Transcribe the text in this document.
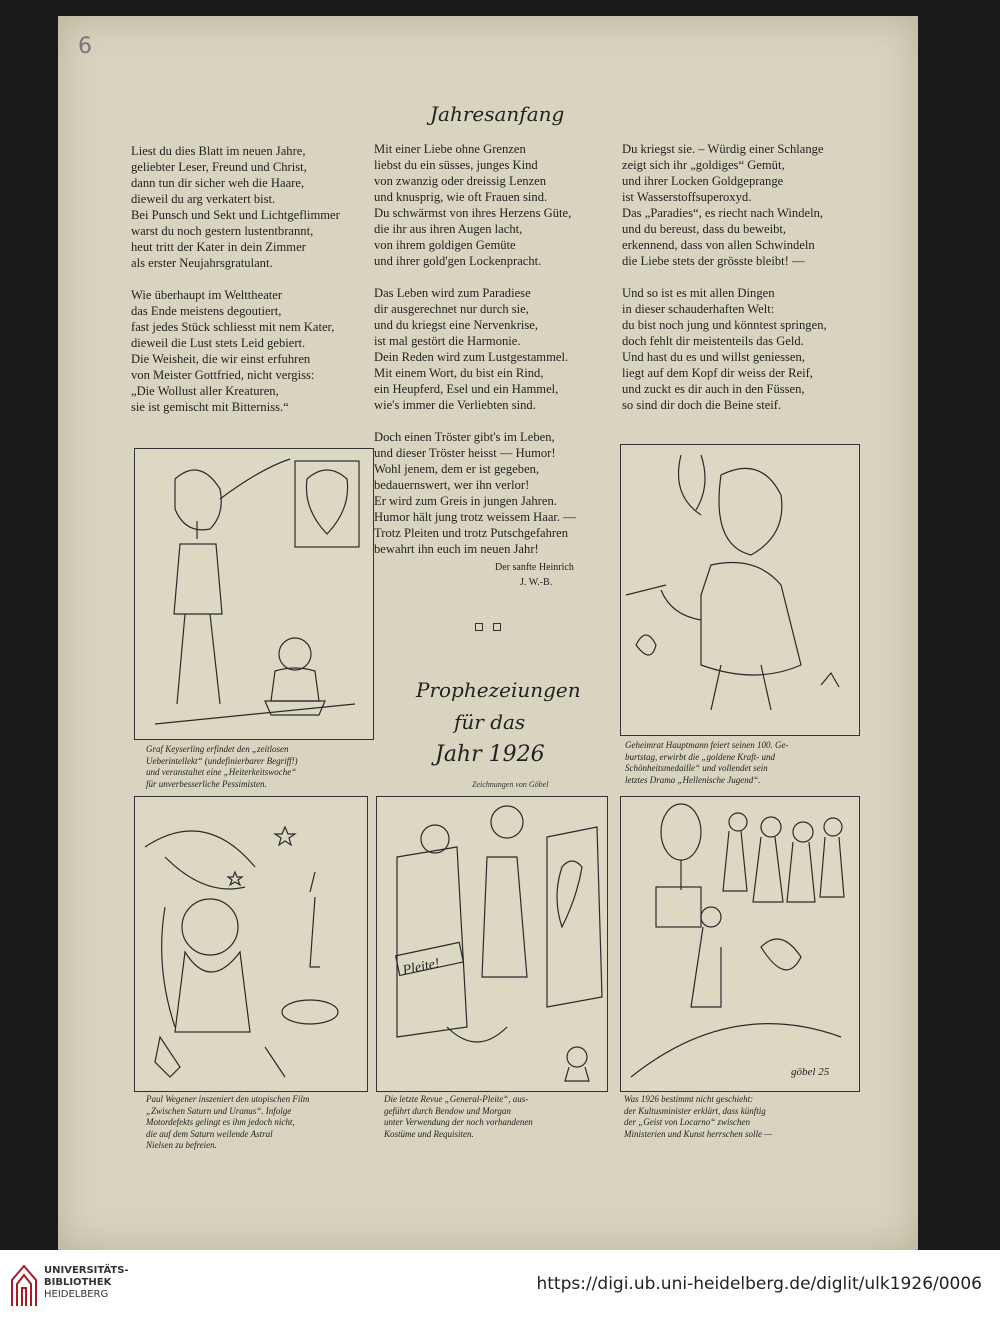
6
Jahresanfang
Liest du dies Blatt im neuen Jahre,
geliebter Leser, Freund und Christ,
dann tun dir sicher weh die Haare,
dieweil du arg verkatert bist.
Bei Punsch und Sekt und Lichtgeflimmer
warst du noch gestern lustentbrannt,
heut tritt der Kater in dein Zimmer
als erster Neujahrsgratulant.
Wie überhaupt im Welttheater
das Ende meistens degoutiert,
fast jedes Stück schliesst mit nem Kater,
dieweil die Lust stets Leid gebiert.
Die Weisheit, die wir einst erfuhren
von Meister Gottfried, nicht vergiss:
„Die Wollust aller Kreaturen,
sie ist gemischt mit Bitterniss.“
Mit einer Liebe ohne Grenzen
liebst du ein süsses, junges Kind
von zwanzig oder dreissig Lenzen
und knusprig, wie oft Frauen sind.
Du schwärmst von ihres Herzens Güte,
die ihr aus ihren Augen lacht,
von ihrem goldigen Gemüte
und ihrer gold'gen Lockenpracht.
Das Leben wird zum Paradiese
dir ausgerechnet nur durch sie,
und du kriegst eine Nervenkrise,
ist mal gestört die Harmonie.
Dein Reden wird zum Lustgestammel.
Mit einem Wort, du bist ein Rind,
ein Heupferd, Esel und ein Hammel,
wie's immer die Verliebten sind.
Doch einen Tröster gibt's im Leben,
und dieser Tröster heisst — Humor!
Wohl jenem, dem er ist gegeben,
bedauernswert, wer ihn verlor!
Er wird zum Greis in jungen Jahren.
Humor hält jung trotz weissem Haar. —
Trotz Pleiten und trotz Putschgefahren
bewahrt ihn euch im neuen Jahr!
Du kriegst sie. – Würdig einer Schlange
zeigt sich ihr „goldiges“ Gemüt,
und ihrer Locken Goldgeprange
ist Wasserstoffsuperoxyd.
Das „Paradies“, es riecht nach Windeln,
und du bereust, dass du beweibt,
erkennend, dass von allen Schwindeln
die Liebe stets der grösste bleibt! —
Und so ist es mit allen Dingen
in dieser schauderhaften Welt:
du bist noch jung und könntest springen,
doch fehlt dir meistenteils das Geld.
Und hast du es und willst geniessen,
liegt auf dem Kopf dir weiss der Reif,
und zuckt es dir auch in den Füssen,
so sind dir doch die Beine steif.
Der sanfte Heinrich
J. W.-B.
Prophezeiungen
für das
Jahr 1926
Zeichnungen von Göbel
Pleite!
göbel 25
Graf Keyserling erfindet den „zeitlosen
Ueberintellekt“ (undefinierbarer Begriff!)
und veranstaltet eine „Heiterkeitswoche“
für unverbesserliche Pessimisten.
Geheimrat Hauptmann feiert seinen 100. Ge-
burtstag, erwirbt die „goldene Kraft- und
Schönheitsmedaille“ und vollendet sein
letztes Drama „Hellenische Jugend“.
Paul Wegener inszeniert den utopischen Film
„Zwischen Saturn und Uranus“. Infolge
Motordefekts gelingt es ihm jedoch nicht,
die auf dem Saturn weilende Astral
Nielsen zu befreien.
Die letzte Revue „General-Pleite“, aus-
geführt durch Bendow und Morgan
unter Verwendung der noch vorhandenen
Kostüme und Requisiten.
Was 1926 bestimmt nicht geschieht:
der Kultusminister erklärt, dass künftig
der „Geist von Locarno“ zwischen
Ministerien und Kunst herrschen solle —
UNIVERSITÄTS-
BIBLIOTHEK
HEIDELBERG
https://digi.ub.uni-heidelberg.de/diglit/ulk1926/0006
